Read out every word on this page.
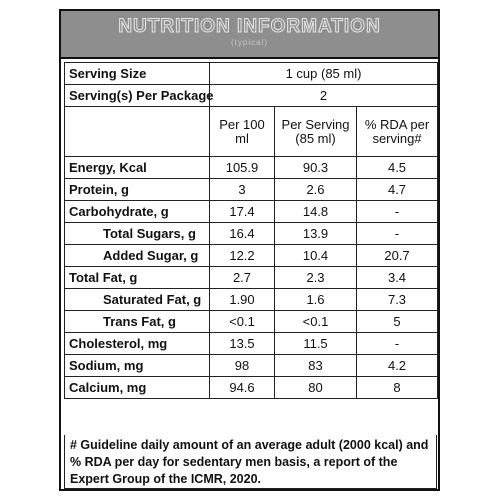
NUTRITION INFORMATION
(typical)
Serving Size	1 cup (85 ml)		
Serving(s) Per Package	2		
	Per 100 ml	Per Serving (85 ml)	% RDA per serving#
Energy, Kcal	105.9	90.3	4.5
Protein, g	3	2.6	4.7
Carbohydrate, g	17.4	14.8	-
Total Sugars, g	16.4	13.9	-
Added Sugar, g	12.2	10.4	20.7
Total Fat, g	2.7	2.3	3.4
Saturated Fat, g	1.90	1.6	7.3
Trans Fat, g	<0.1	<0.1	5
Cholesterol, mg	13.5	11.5	-
Sodium, mg	98	83	4.2
Calcium, mg	94.6	80	8
# Guideline daily amount of an average adult (2000 kcal) and % RDA per day for sedentary men basis, a report of the Expert Group of the ICMR, 2020.
